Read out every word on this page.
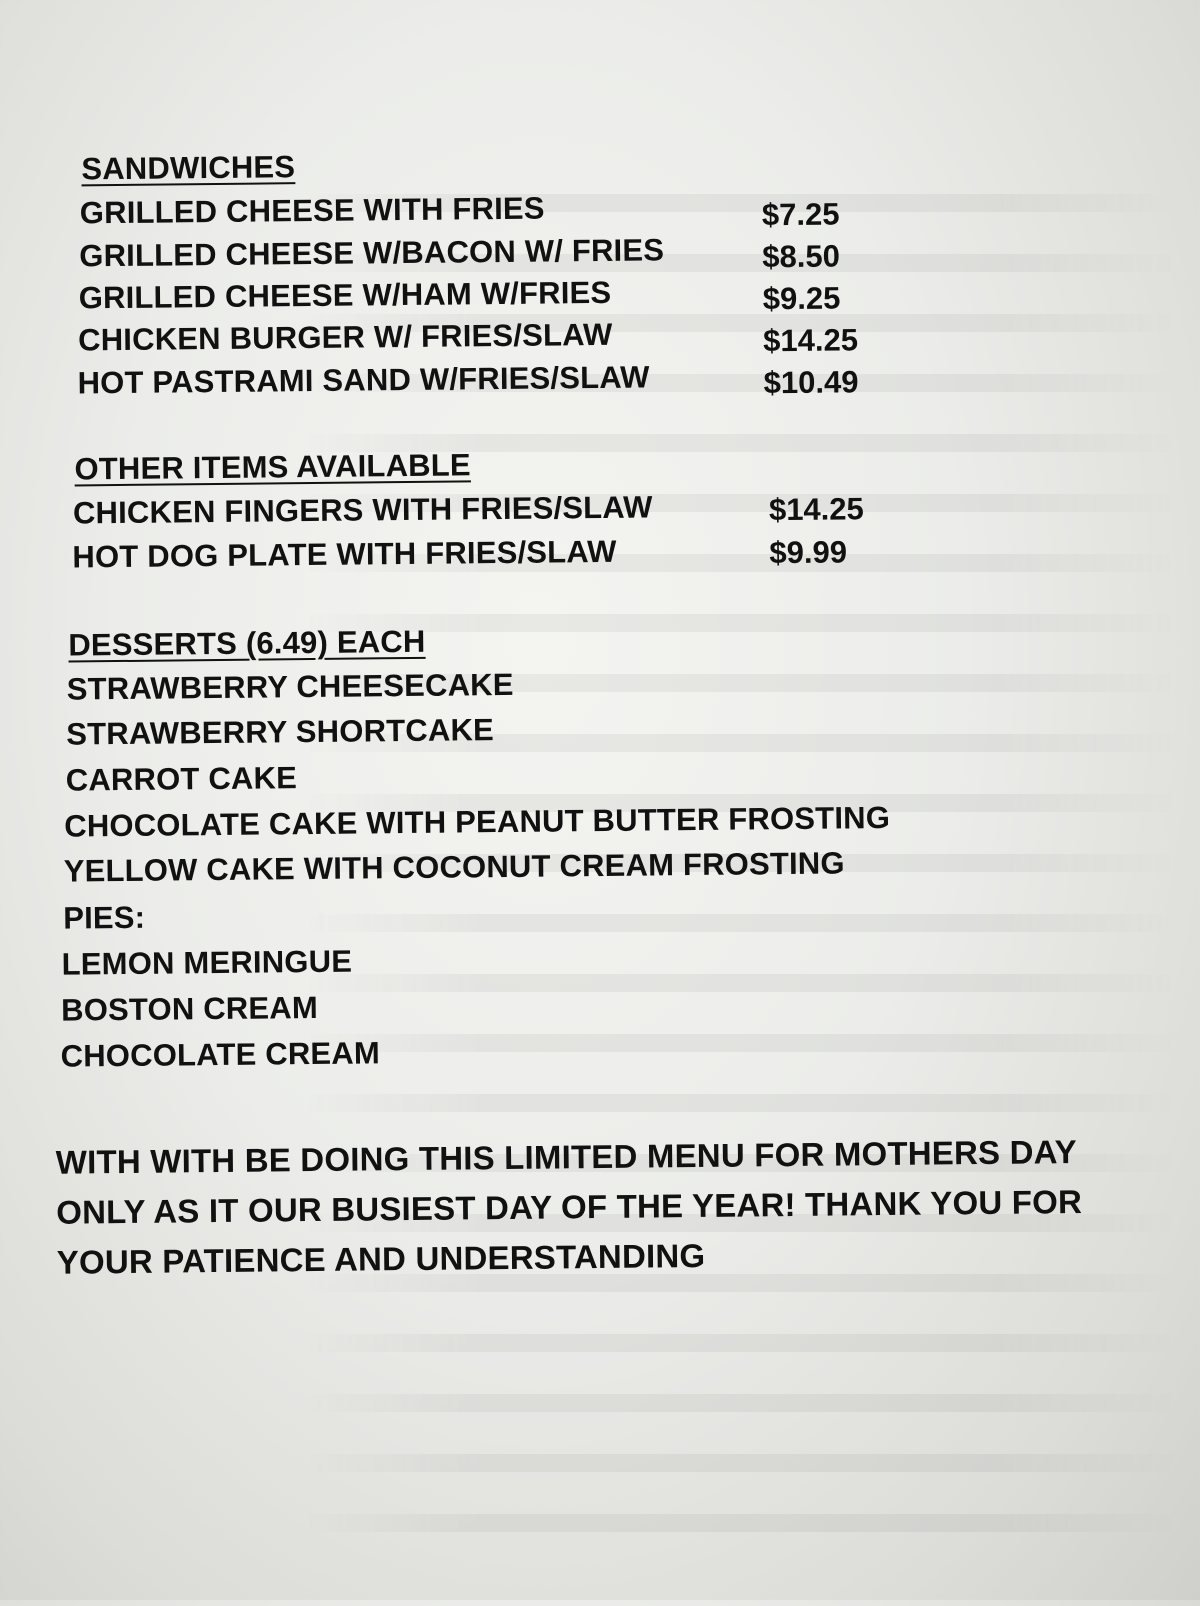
SANDWICHES
GRILLED CHEESE WITH FRIES	$7.25
GRILLED CHEESE W/BACON W/ FRIES	$8.50
GRILLED CHEESE W/HAM W/FRIES	$9.25
CHICKEN BURGER W/ FRIES/SLAW	$14.25
HOT PASTRAMI SAND W/FRIES/SLAW	$10.49
OTHER ITEMS AVAILABLE
CHICKEN FINGERS WITH FRIES/SLAW	$14.25
HOT DOG PLATE WITH FRIES/SLAW	$9.99
DESSERTS (6.49) EACH
STRAWBERRY CHEESECAKE
STRAWBERRY SHORTCAKE
CARROT CAKE
CHOCOLATE CAKE WITH PEANUT BUTTER FROSTING
YELLOW CAKE WITH COCONUT CREAM FROSTING
PIES:
LEMON MERINGUE
BOSTON CREAM
CHOCOLATE CREAM
WITH WITH BE DOING THIS LIMITED MENU FOR MOTHERS DAY
ONLY AS IT OUR BUSIEST DAY OF THE YEAR! THANK YOU FOR
YOUR PATIENCE AND UNDERSTANDING
